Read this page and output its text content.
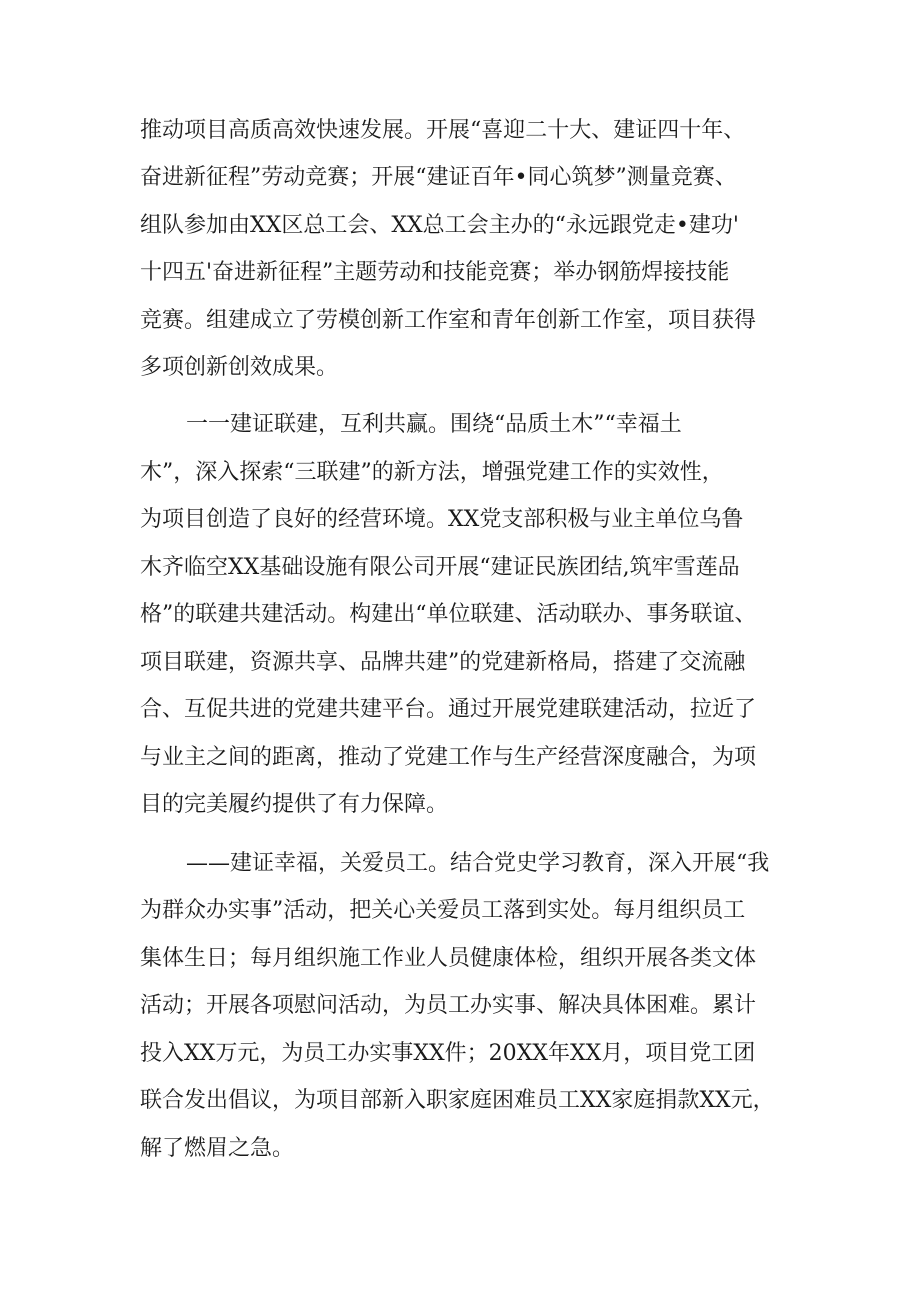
推动项目高质高效快速发展。开展“喜迎二十大、建证四十年、
奋进新征程”劳动竞赛；开展“建证百年•同心筑梦”测量竞赛、
组队参加由XX区总工会、XX总工会主办的“永远跟党走•建功'
十四五'奋进新征程”主题劳动和技能竞赛；举办钢筋焊接技能
竞赛。组建成立了劳模创新工作室和青年创新工作室，项目获得
多项创新创效成果。
一一建证联建，互利共赢。围绕“品质土木”“幸福土
木”，深入探索“三联建”的新方法，增强党建工作的实效性，
为项目创造了良好的经营环境。XX党支部积极与业主单位乌鲁
木齐临空XX基础设施有限公司开展“建证民族团结,筑牢雪莲品
格”的联建共建活动。构建出“单位联建、活动联办、事务联谊、
项目联建，资源共享、品牌共建”的党建新格局，搭建了交流融
合、互促共进的党建共建平台。通过开展党建联建活动，拉近了
与业主之间的距离，推动了党建工作与生产经营深度融合，为项
目的完美履约提供了有力保障。
——建证幸福，关爱员工。结合党史学习教育，深入开展“我
为群众办实事”活动，把关心关爱员工落到实处。每月组织员工
集体生日；每月组织施工作业人员健康体检，组织开展各类文体
活动；开展各项慰问活动，为员工办实事、解决具体困难。累计
投入XX万元，为员工办实事XX件；20XX年XX月，项目党工团
联合发出倡议，为项目部新入职家庭困难员工XX家庭捐款XX元，
解了燃眉之急。
